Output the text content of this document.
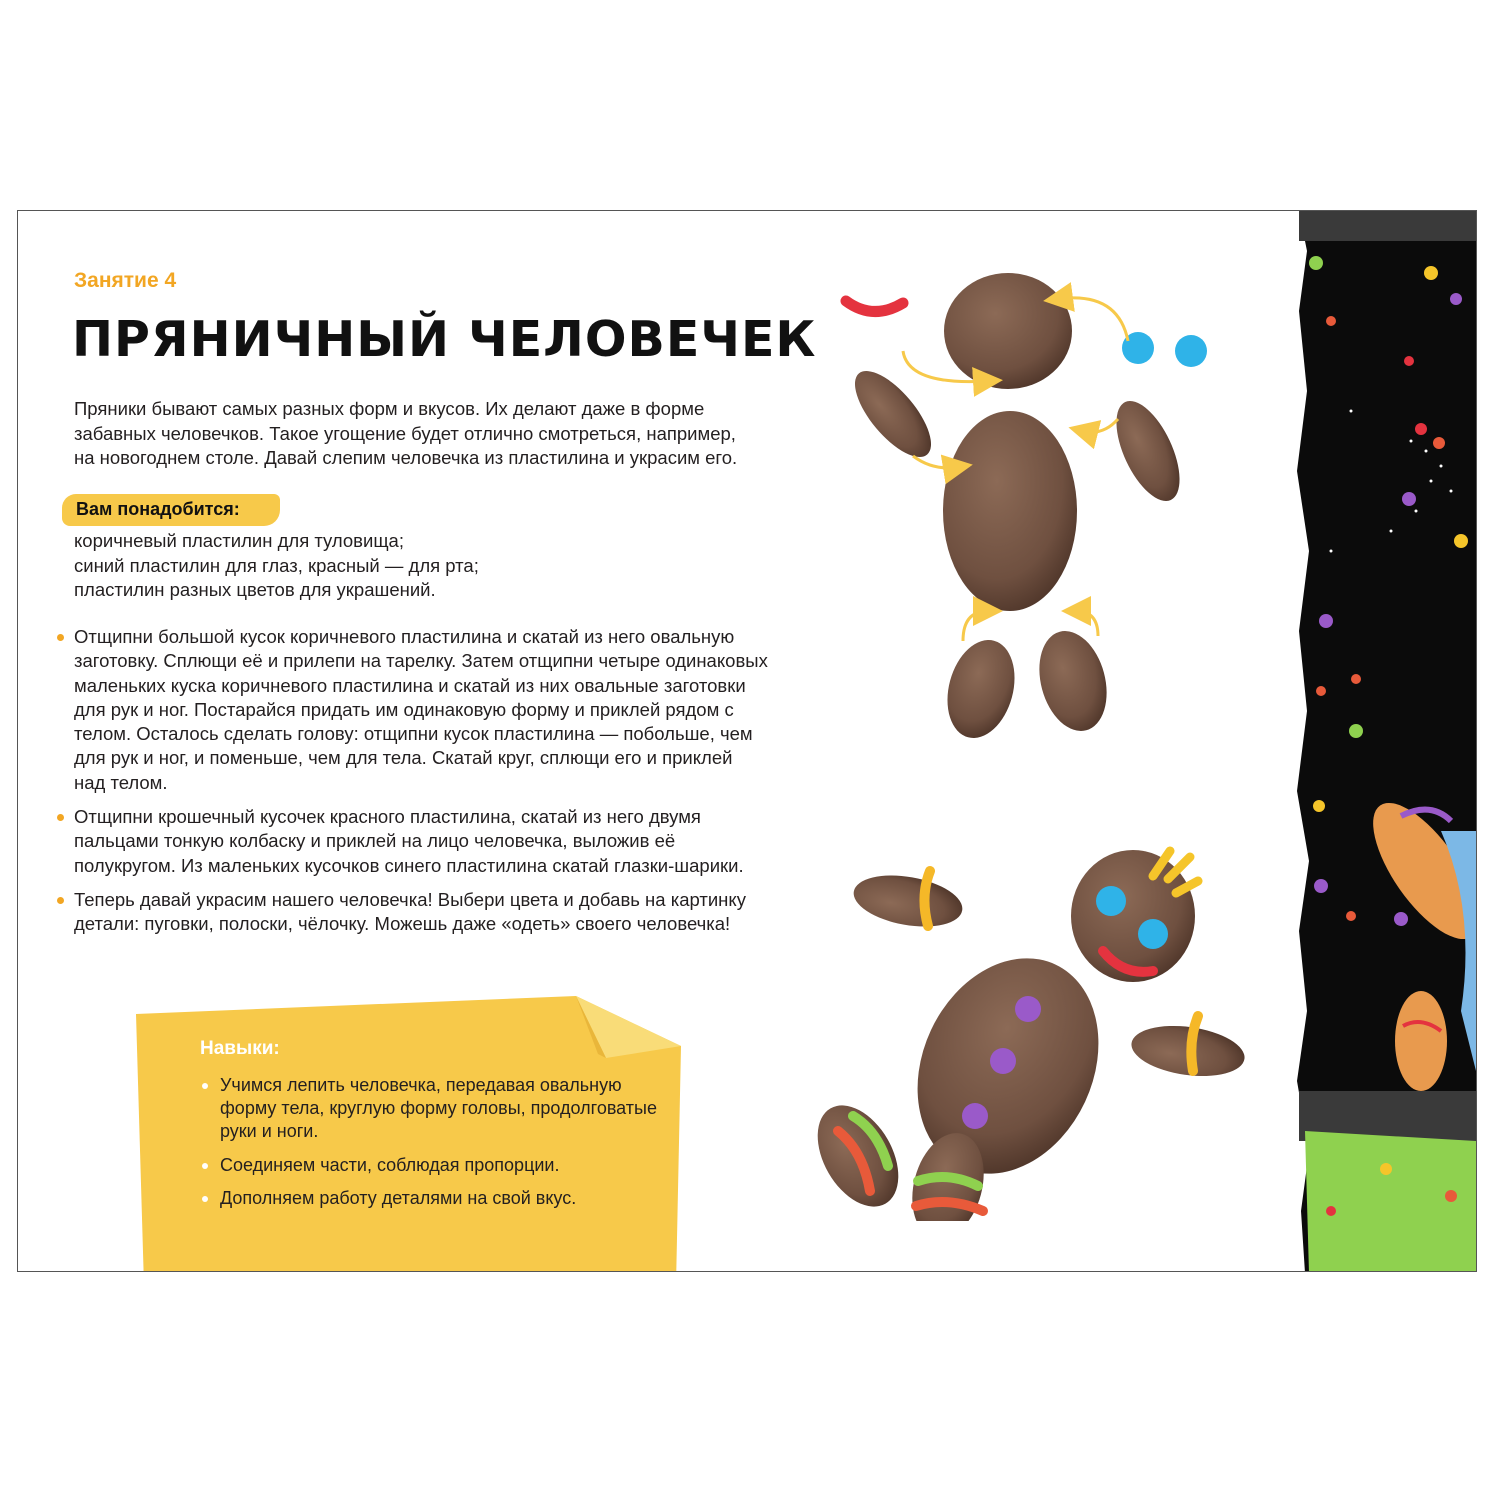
Занятие 4
ПРЯНИЧНЫЙ ЧЕЛОВЕЧЕК
Пряники бывают самых разных форм и вкусов. Их делают даже в форме
забавных человечков. Такое угощение будет отлично смотреться, например,
на новогоднем столе. Давай слепим человечка из пластилина и украсим его.
Вам понадобится:
коричневый пластилин для туловища;
синий пластилин для глаз, красный — для рта;
пластилин разных цветов для украшений.
Отщипни большой кусок коричневого пластилина и скатай из него овальную заготовку. Сплющи её и прилепи на тарелку. Затем отщипни четыре одинаковых маленьких куска коричневого пластилина и скатай из них овальные заготовки для рук и ног. Постарайся придать им одинаковую форму и приклей рядом с телом. Осталось сделать голову: отщипни кусок пластилина — побольше, чем для рук и ног, и поменьше, чем для тела. Скатай круг, сплющи его и приклей над телом.
Отщипни крошечный кусочек красного пластилина, скатай из него двумя пальцами тонкую колбаску и приклей на лицо человечка, выложив её полукругом. Из маленьких кусочков синего пластилина скатай глазки-шарики.
Теперь давай украсим нашего человечка! Выбери цвета и добавь на картинку детали: пуговки, полоски, чёлочку. Можешь даже «одеть» своего человечка!
Навыки:
Учимся лепить человечка, передавая овальную форму тела, круглую форму головы, продолговатые руки и ноги.
Соединяем части, соблюдая пропорции.
Дополняем работу деталями на свой вкус.
